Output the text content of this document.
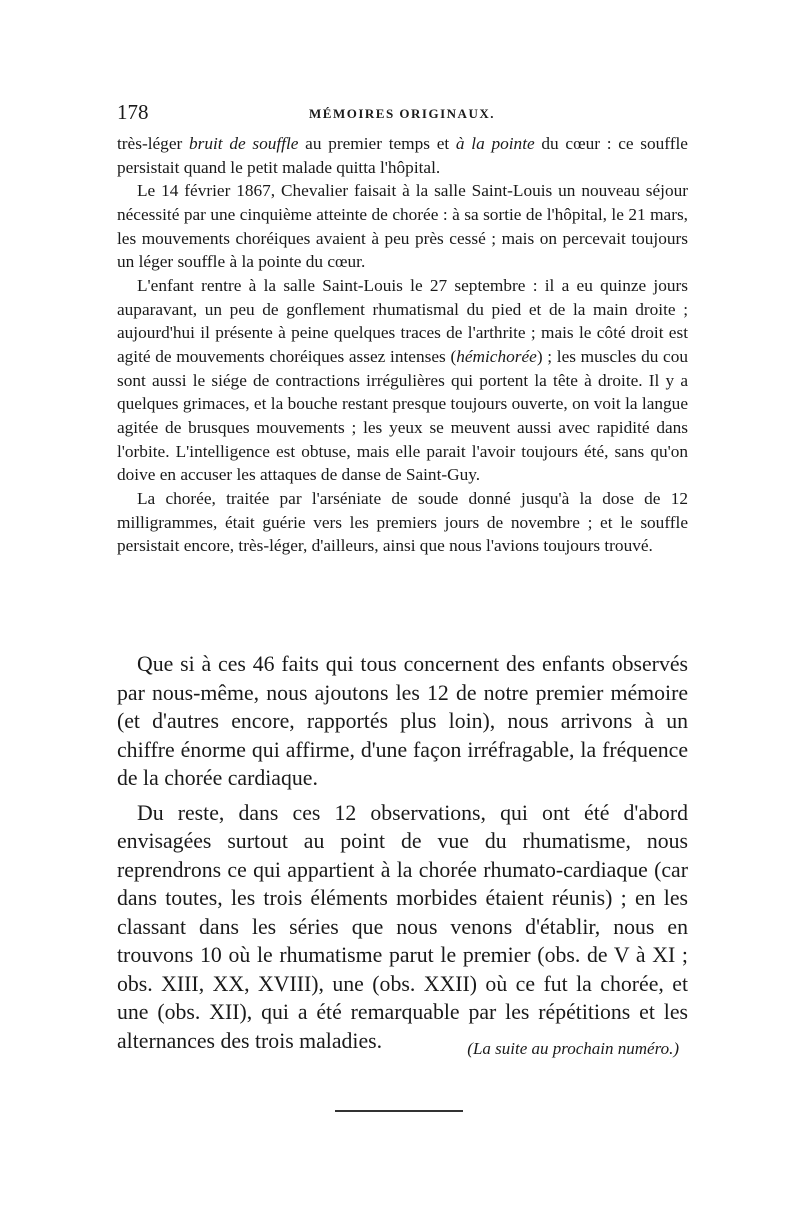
178	MÉMOIRES ORIGINAUX.

très-léger bruit de souffle au premier temps et à la pointe du cœur : ce souffle persistait quand le petit malade quitta l'hôpital.

Le 14 février 1867, Chevalier faisait à la salle Saint-Louis un nouveau séjour nécessité par une cinquième atteinte de chorée : à sa sortie de l'hôpital, le 21 mars, les mouvements choréiques avaient à peu près cessé ; mais on percevait toujours un léger souffle à la pointe du cœur.

L'enfant rentre à la salle Saint-Louis le 27 septembre : il a eu quinze jours auparavant, un peu de gonflement rhumatismal du pied et de la main droite ; aujourd'hui il présente à peine quelques traces de l'arthrite ; mais le côté droit est agité de mouvements choréiques assez intenses (hémichorée) ; les muscles du cou sont aussi le siége de contractions irrégulières qui portent la tête à droite. Il y a quelques grimaces, et la bouche restant presque toujours ouverte, on voit la langue agitée de brusques mouvements ; les yeux se meuvent aussi avec rapidité dans l'orbite. L'intelligence est obtuse, mais elle parait l'avoir toujours été, sans qu'on doive en accuser les attaques de danse de Saint-Guy.

La chorée, traitée par l'arséniate de soude donné jusqu'à la dose de 12 milligrammes, était guérie vers les premiers jours de novembre ; et le souffle persistait encore, très-léger, d'ailleurs, ainsi que nous l'avions toujours trouvé.

Que si à ces 46 faits qui tous concernent des enfants observés par nous-même, nous ajoutons les 12 de notre premier mémoire (et d'autres encore, rapportés plus loin), nous arrivons à un chiffre énorme qui affirme, d'une façon irréfragable, la fréquence de la chorée cardiaque.

Du reste, dans ces 12 observations, qui ont été d'abord envisagées surtout au point de vue du rhumatisme, nous reprendrons ce qui appartient à la chorée rhumato-cardiaque (car dans toutes, les trois éléments morbides étaient réunis) ; en les classant dans les séries que nous venons d'établir, nous en trouvons 10 où le rhumatisme parut le premier (obs. de V à XI ; obs. XIII, XX, XVIII), une (obs. XXII) où ce fut la chorée, et une (obs. XII), qui a été remarquable par les répétitions et les alternances des trois maladies.	(La suite au prochain numéro.)
